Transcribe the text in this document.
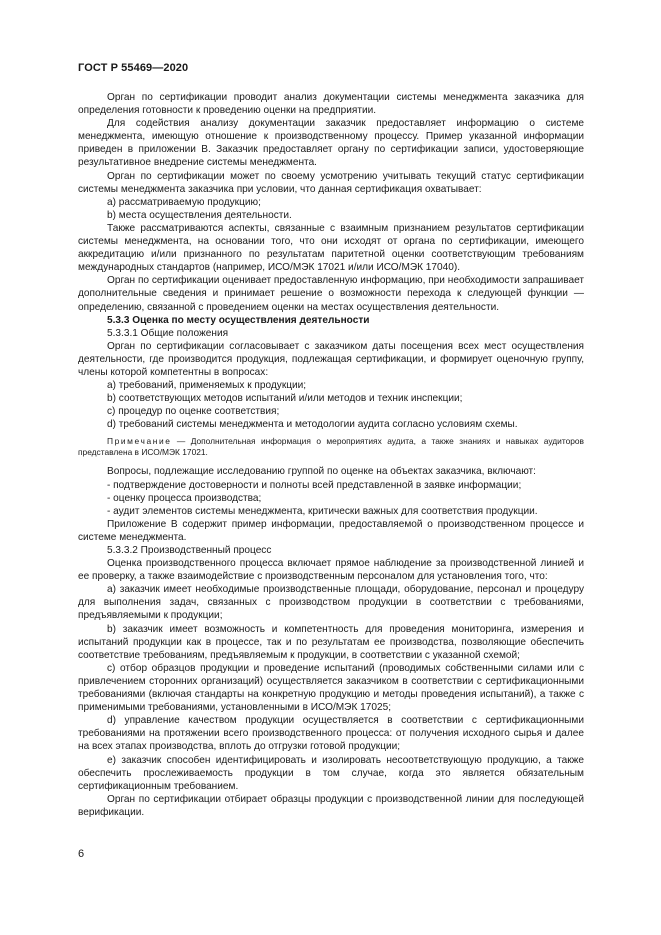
ГОСТ Р 55469—2020

Орган по сертификации проводит анализ документации системы менеджмента заказчика для определения готовности к проведению оценки на предприятии.

Для содействия анализу документации заказчик предоставляет информацию о системе менеджмента, имеющую отношение к производственному процессу. Пример указанной информации приведен в приложении В. Заказчик предоставляет органу по сертификации записи, удостоверяющие результативное внедрение системы менеджмента.

Орган по сертификации может по своему усмотрению учитывать текущий статус сертификации системы менеджмента заказчика при условии, что данная сертификация охватывает:

a) рассматриваемую продукцию;

b) места осуществления деятельности.

Также рассматриваются аспекты, связанные с взаимным признанием результатов сертификации системы менеджмента, на основании того, что они исходят от органа по сертификации, имеющего аккредитацию и/или признанного по результатам паритетной оценки соответствующим требованиям международных стандартов (например, ИСО/МЭК 17021 и/или ИСО/МЭК 17040).

Орган по сертификации оценивает предоставленную информацию, при необходимости запрашивает дополнительные сведения и принимает решение о возможности перехода к следующей функции — определению, связанной с проведением оценки на местах осуществления деятельности.

5.3.3 Оценка по месту осуществления деятельности

5.3.3.1 Общие положения

Орган по сертификации согласовывает с заказчиком даты посещения всех мест осуществления деятельности, где производится продукция, подлежащая сертификации, и формирует оценочную группу, члены которой компетентны в вопросах:

a) требований, применяемых к продукции;

b) соответствующих методов испытаний и/или методов и техник инспекции;

c) процедур по оценке соответствия;

d) требований системы менеджмента и методологии аудита согласно условиям схемы.

Примечание — Дополнительная информация о мероприятиях аудита, а также знаниях и навыках аудиторов представлена в ИСО/МЭК 17021.

Вопросы, подлежащие исследованию группой по оценке на объектах заказчика, включают:

- подтверждение достоверности и полноты всей представленной в заявке информации;

- оценку процесса производства;

- аудит элементов системы менеджмента, критически важных для соответствия продукции.

Приложение В содержит пример информации, предоставляемой о производственном процессе и системе менеджмента.

5.3.3.2 Производственный процесс

Оценка производственного процесса включает прямое наблюдение за производственной линией и ее проверку, а также взаимодействие с производственным персоналом для установления того, что:

a) заказчик имеет необходимые производственные площади, оборудование, персонал и процедуру для выполнения задач, связанных с производством продукции в соответствии с требованиями, предъявляемыми к продукции;

b) заказчик имеет возможность и компетентность для проведения мониторинга, измерения и испытаний продукции как в процессе, так и по результатам ее производства, позволяющие обеспечить соответствие требованиям, предъявляемым к продукции, в соответствии с указанной схемой;

c) отбор образцов продукции и проведение испытаний (проводимых собственными силами или с привлечением сторонних организаций) осуществляется заказчиком в соответствии с сертификационными требованиями (включая стандарты на конкретную продукцию и методы проведения испытаний), а также с применимыми требованиями, установленными в ИСО/МЭК 17025;

d) управление качеством продукции осуществляется в соответствии с сертификационными требованиями на протяжении всего производственного процесса: от получения исходного сырья и далее на всех этапах производства, вплоть до отгрузки готовой продукции;

e) заказчик способен идентифицировать и изолировать несоответствующую продукцию, а также обеспечить прослеживаемость продукции в том случае, когда это является обязательным сертификационным требованием.

Орган по сертификации отбирает образцы продукции с производственной линии для последующей верификации.

6
